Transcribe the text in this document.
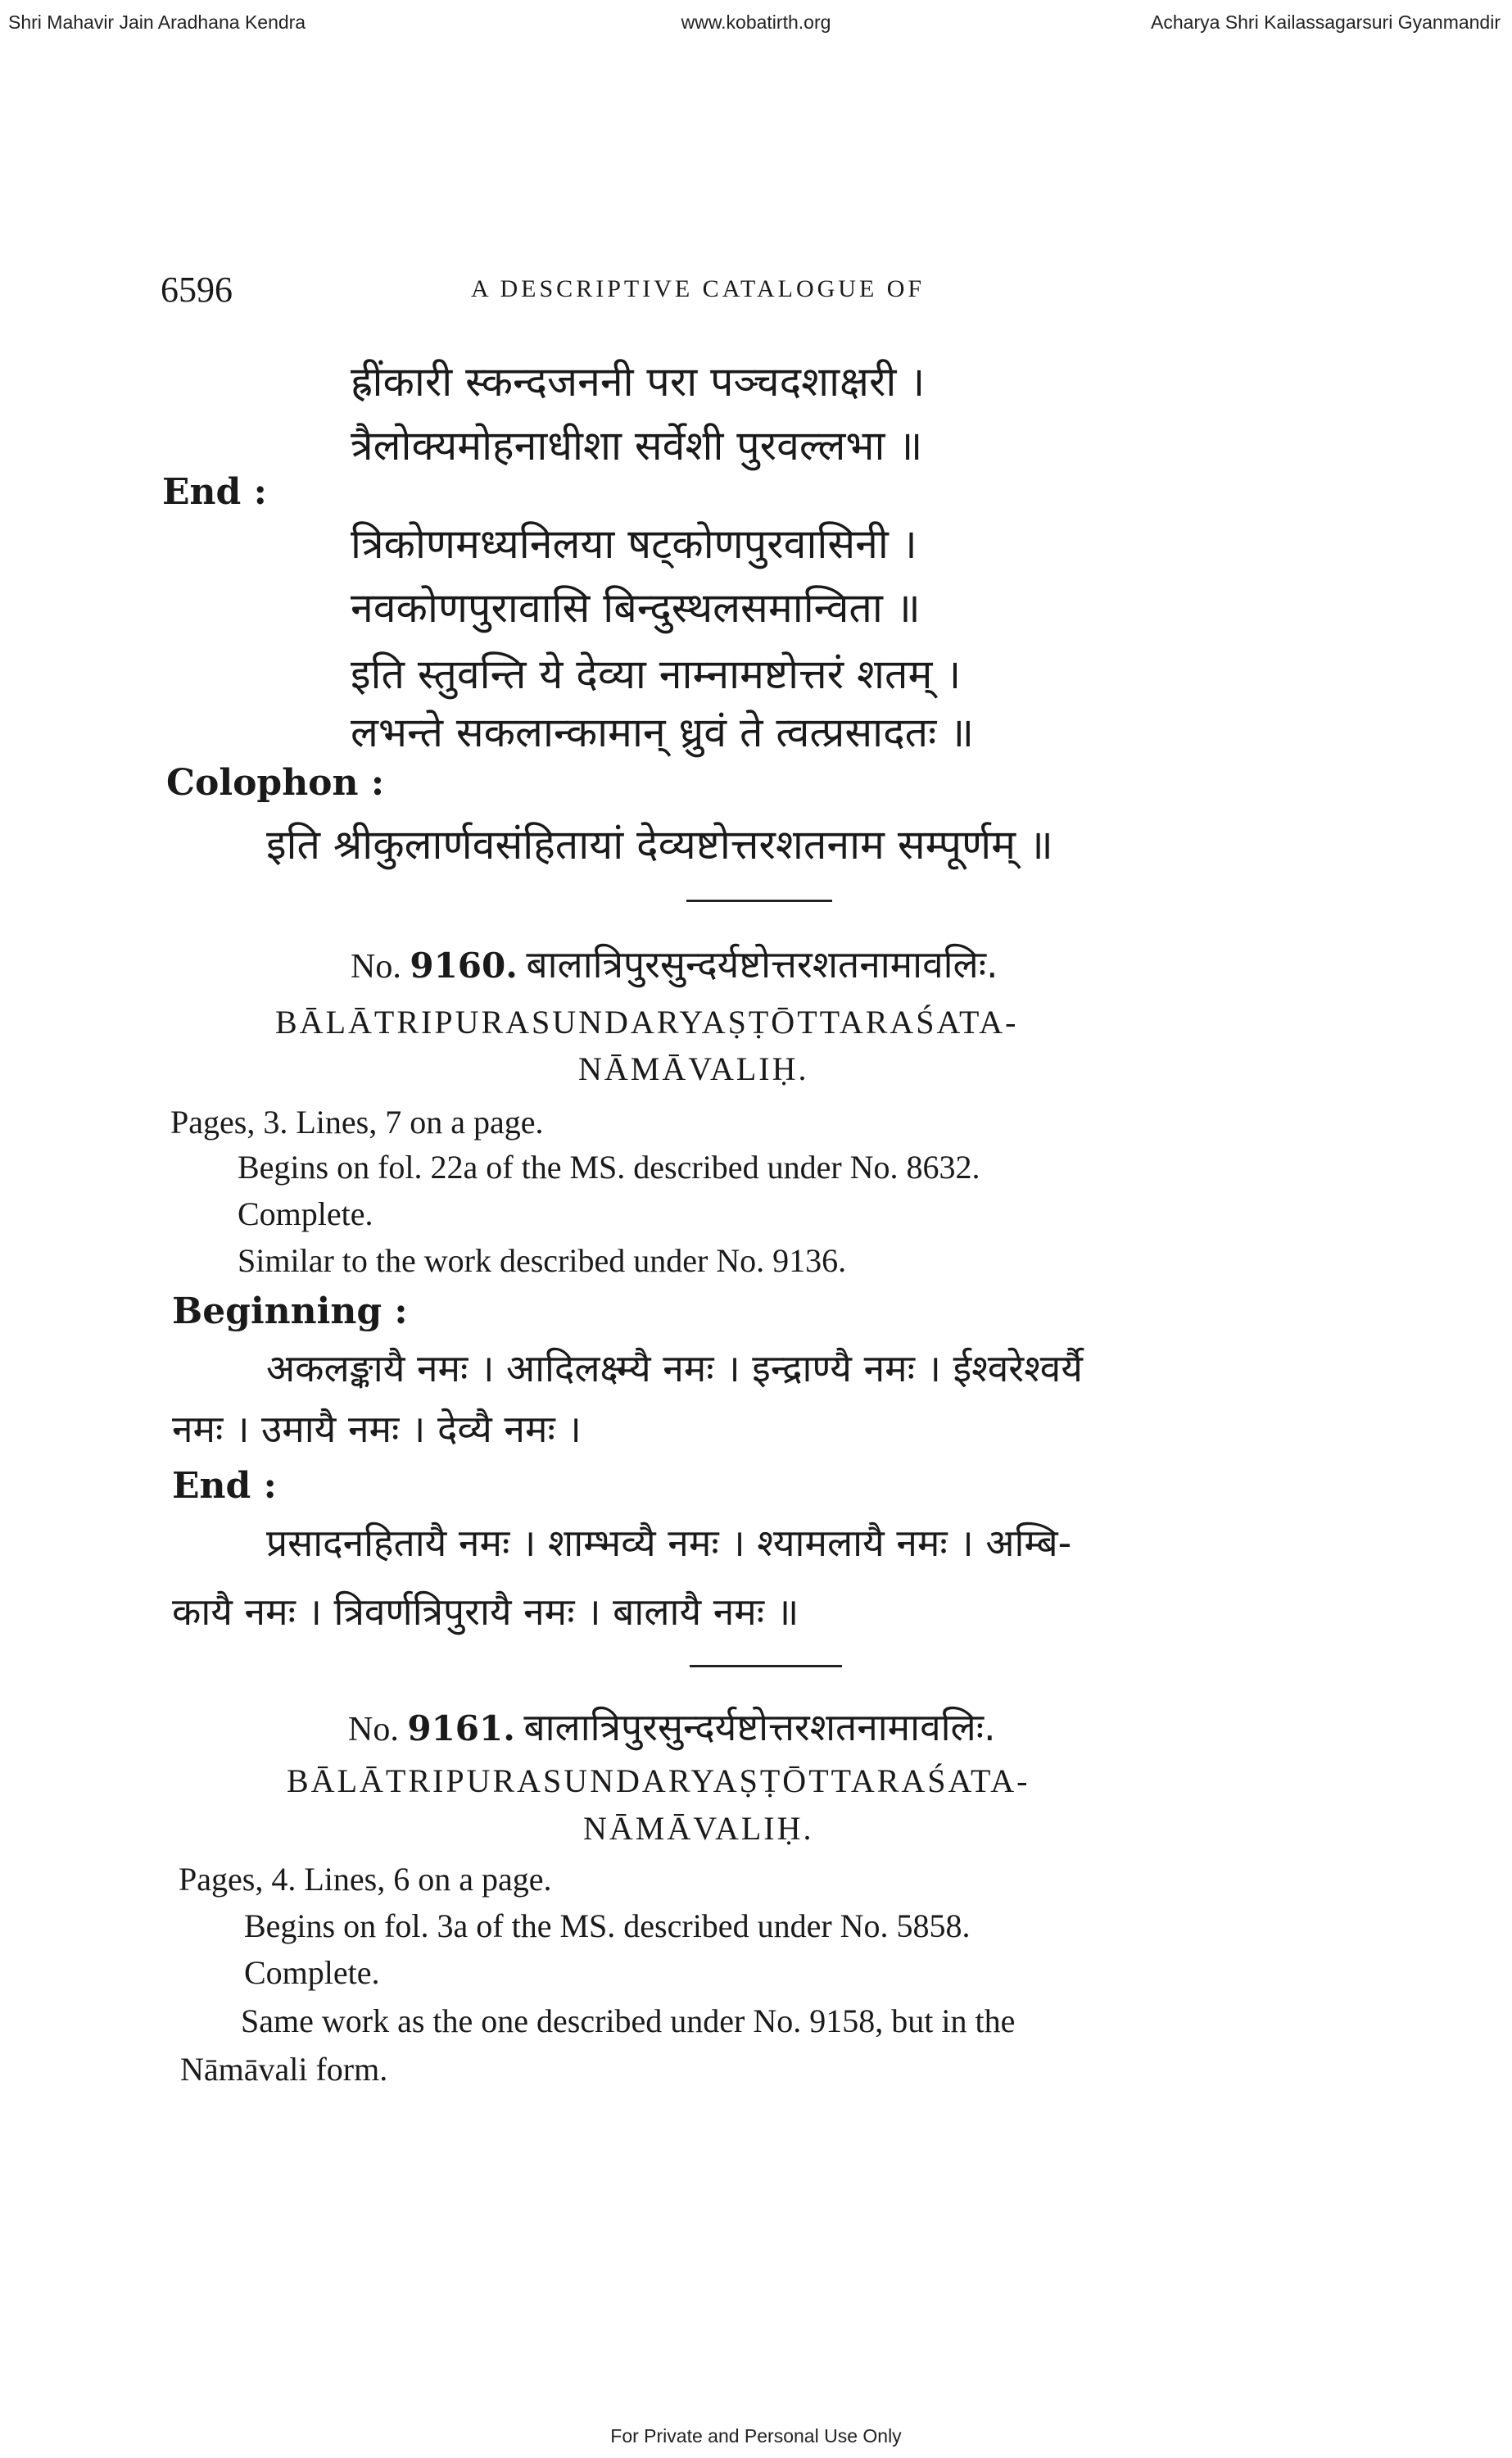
Shri Mahavir Jain Aradhana Kendra	www.kobatirth.org	Acharya Shri Kailassagarsuri Gyanmandir
6596	A DESCRIPTIVE CATALOGUE OF
ह्रींकारी स्कन्दजननी परा पञ्चदशाक्षरी ।
त्रैलोक्यमोहनाधीशा सर्वेशी पुरवल्लभा ॥
End :
त्रिकोणमध्यनिलया षट्कोणपुरवासिनी ।
नवकोणपुरावासि बिन्दुस्थलसमान्विता ॥
इति स्तुवन्ति ये देव्या नाम्नामष्टोत्तरं शतम् ।
लभन्ते सकलान्कामान् ध्रुवं ते त्वत्प्रसादतः ॥
Colophon :
इति श्रीकुलार्णवसंहितायां देव्यष्टोत्तरशतनाम सम्पूर्णम् ॥
No. 9160. बालात्रिपुरसुन्दर्यष्टोत्तरशतनामावलिः.
BĀLĀTRIPURASUNDARYAṢṬŌTTARAŚATA-
NĀMĀVALIḤ.
Pages, 3. Lines, 7 on a page.
Begins on fol. 22a of the MS. described under No. 8632.
Complete.
Similar to the work described under No. 9136.
Beginning :
अकलङ्कायै नमः । आदिलक्ष्म्यै नमः । इन्द्राण्यै नमः । ईश्वरेश्वर्यै
नमः । उमायै नमः । देव्यै नमः ।
End :
प्रसादनहितायै नमः । शाम्भव्यै नमः । श्यामलायै नमः । अम्बि-
कायै नमः । त्रिवर्णत्रिपुरायै नमः । बालायै नमः ॥
No. 9161. बालात्रिपुरसुन्दर्यष्टोत्तरशतनामावलिः.
BĀLĀTRIPURASUNDARYAṢṬŌTTARAŚATA-
NĀMĀVALIḤ.
Pages, 4. Lines, 6 on a page.
Begins on fol. 3a of the MS. described under No. 5858.
Complete.
Same work as the one described under No. 9158, but in the
Nāmāvali form.
For Private and Personal Use Only
